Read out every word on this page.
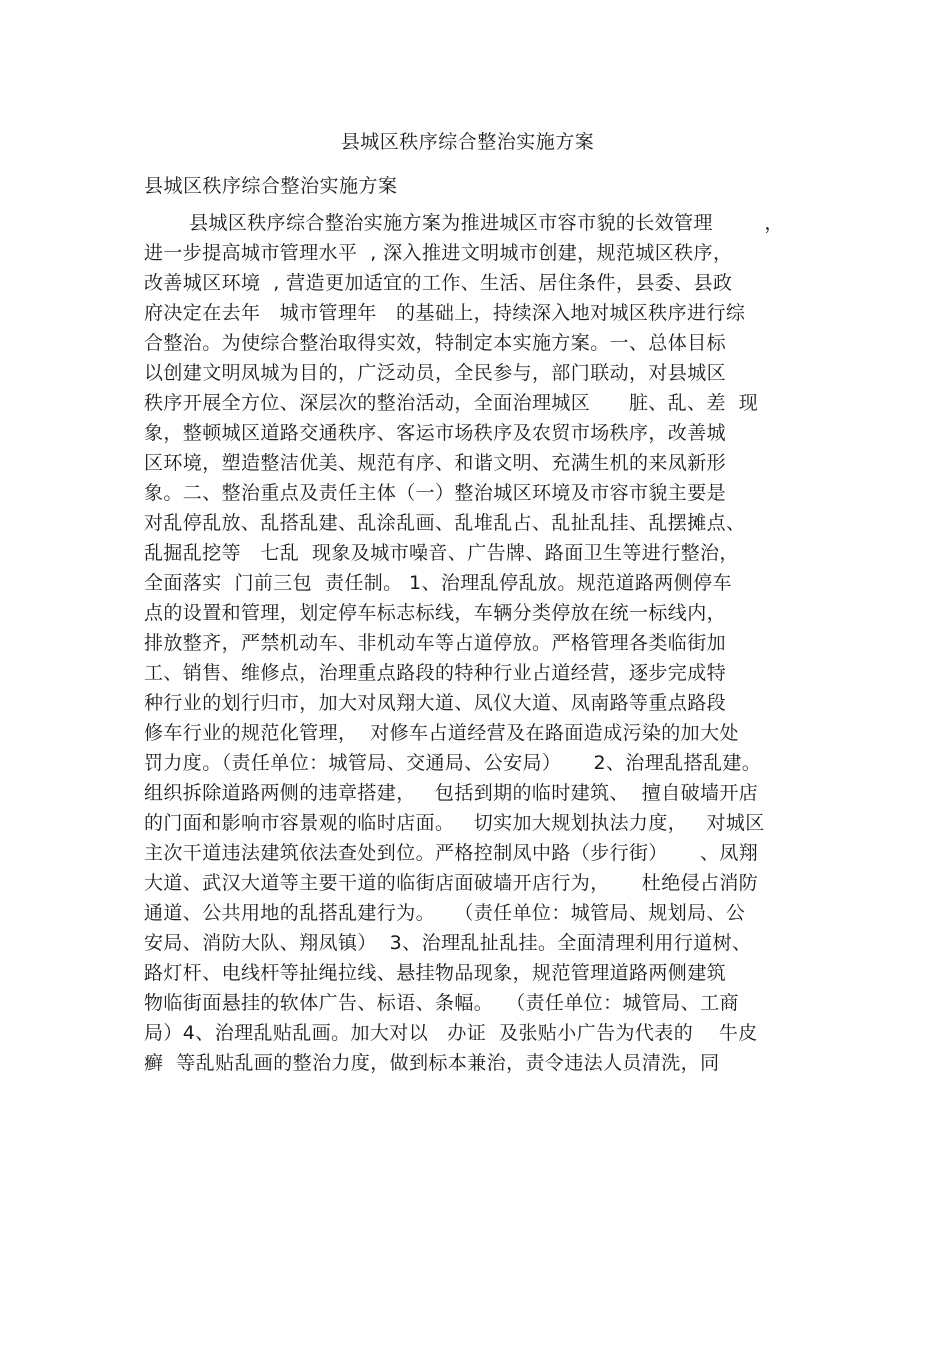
县城区秩序综合整治实施方案
县城区秩序综合整治实施方案
县城区秩序综合整治实施方案为推进城区市容市貌的长效管理        ，
进一步提高城市管理水平  , 深入推进文明城市创建，规范城区秩序，
改善城区环境  , 营造更加适宜的工作、生活、居住条件，县委、县政
府决定在去年   城市管理年   的基础上，持续深入地对城区秩序进行综
合整治。为使综合整治取得实效，特制定本实施方案。一、总体目标
以创建文明凤城为目的，广泛动员，全民参与，部门联动，对县城区
秩序开展全方位、深层次的整治活动，全面治理城区      脏、乱、差  现
象，整顿城区道路交通秩序、客运市场秩序及农贸市场秩序，改善城
区环境，塑造整洁优美、规范有序、和谐文明、充满生机的来凤新形
象。二、整治重点及责任主体（一）整治城区环境及市容市貌主要是
对乱停乱放、乱搭乱建、乱涂乱画、乱堆乱占、乱扯乱挂、乱摆摊点、
乱掘乱挖等   七乱  现象及城市噪音、广告牌、路面卫生等进行整治，
全面落实  门前三包  责任制。 1、治理乱停乱放。规范道路两侧停车
点的设置和管理，划定停车标志标线，车辆分类停放在统一标线内，
排放整齐，严禁机动车、非机动车等占道停放。严格管理各类临街加
工、销售、维修点，治理重点路段的特种行业占道经营，逐步完成特
种行业的划行归市，加大对凤翔大道、凤仪大道、凤南路等重点路段
修车行业的规范化管理，  对修车占道经营及在路面造成污染的加大处
罚力度。（责任单位：城管局、交通局、公安局）     2、治理乱搭乱建。
组织拆除道路两侧的违章搭建，   包括到期的临时建筑、  擅自破墙开店
的门面和影响市容景观的临时店面。   切实加大规划执法力度，   对城区
主次干道违法建筑依法查处到位。严格控制凤中路（步行街）     、凤翔
大道、武汉大道等主要干道的临街店面破墙开店行为，     杜绝侵占消防
通道、公共用地的乱搭乱建行为。   （责任单位：城管局、规划局、公
安局、消防大队、翔凤镇）  3、治理乱扯乱挂。全面清理利用行道树、
路灯杆、电线杆等扯绳拉线、悬挂物品现象，规范管理道路两侧建筑
物临街面悬挂的软体广告、标语、条幅。  （责任单位：城管局、工商
局）4、治理乱贴乱画。加大对以   办证  及张贴小广告为代表的    牛皮
癣  等乱贴乱画的整治力度，做到标本兼治，责令违法人员清洗，同
